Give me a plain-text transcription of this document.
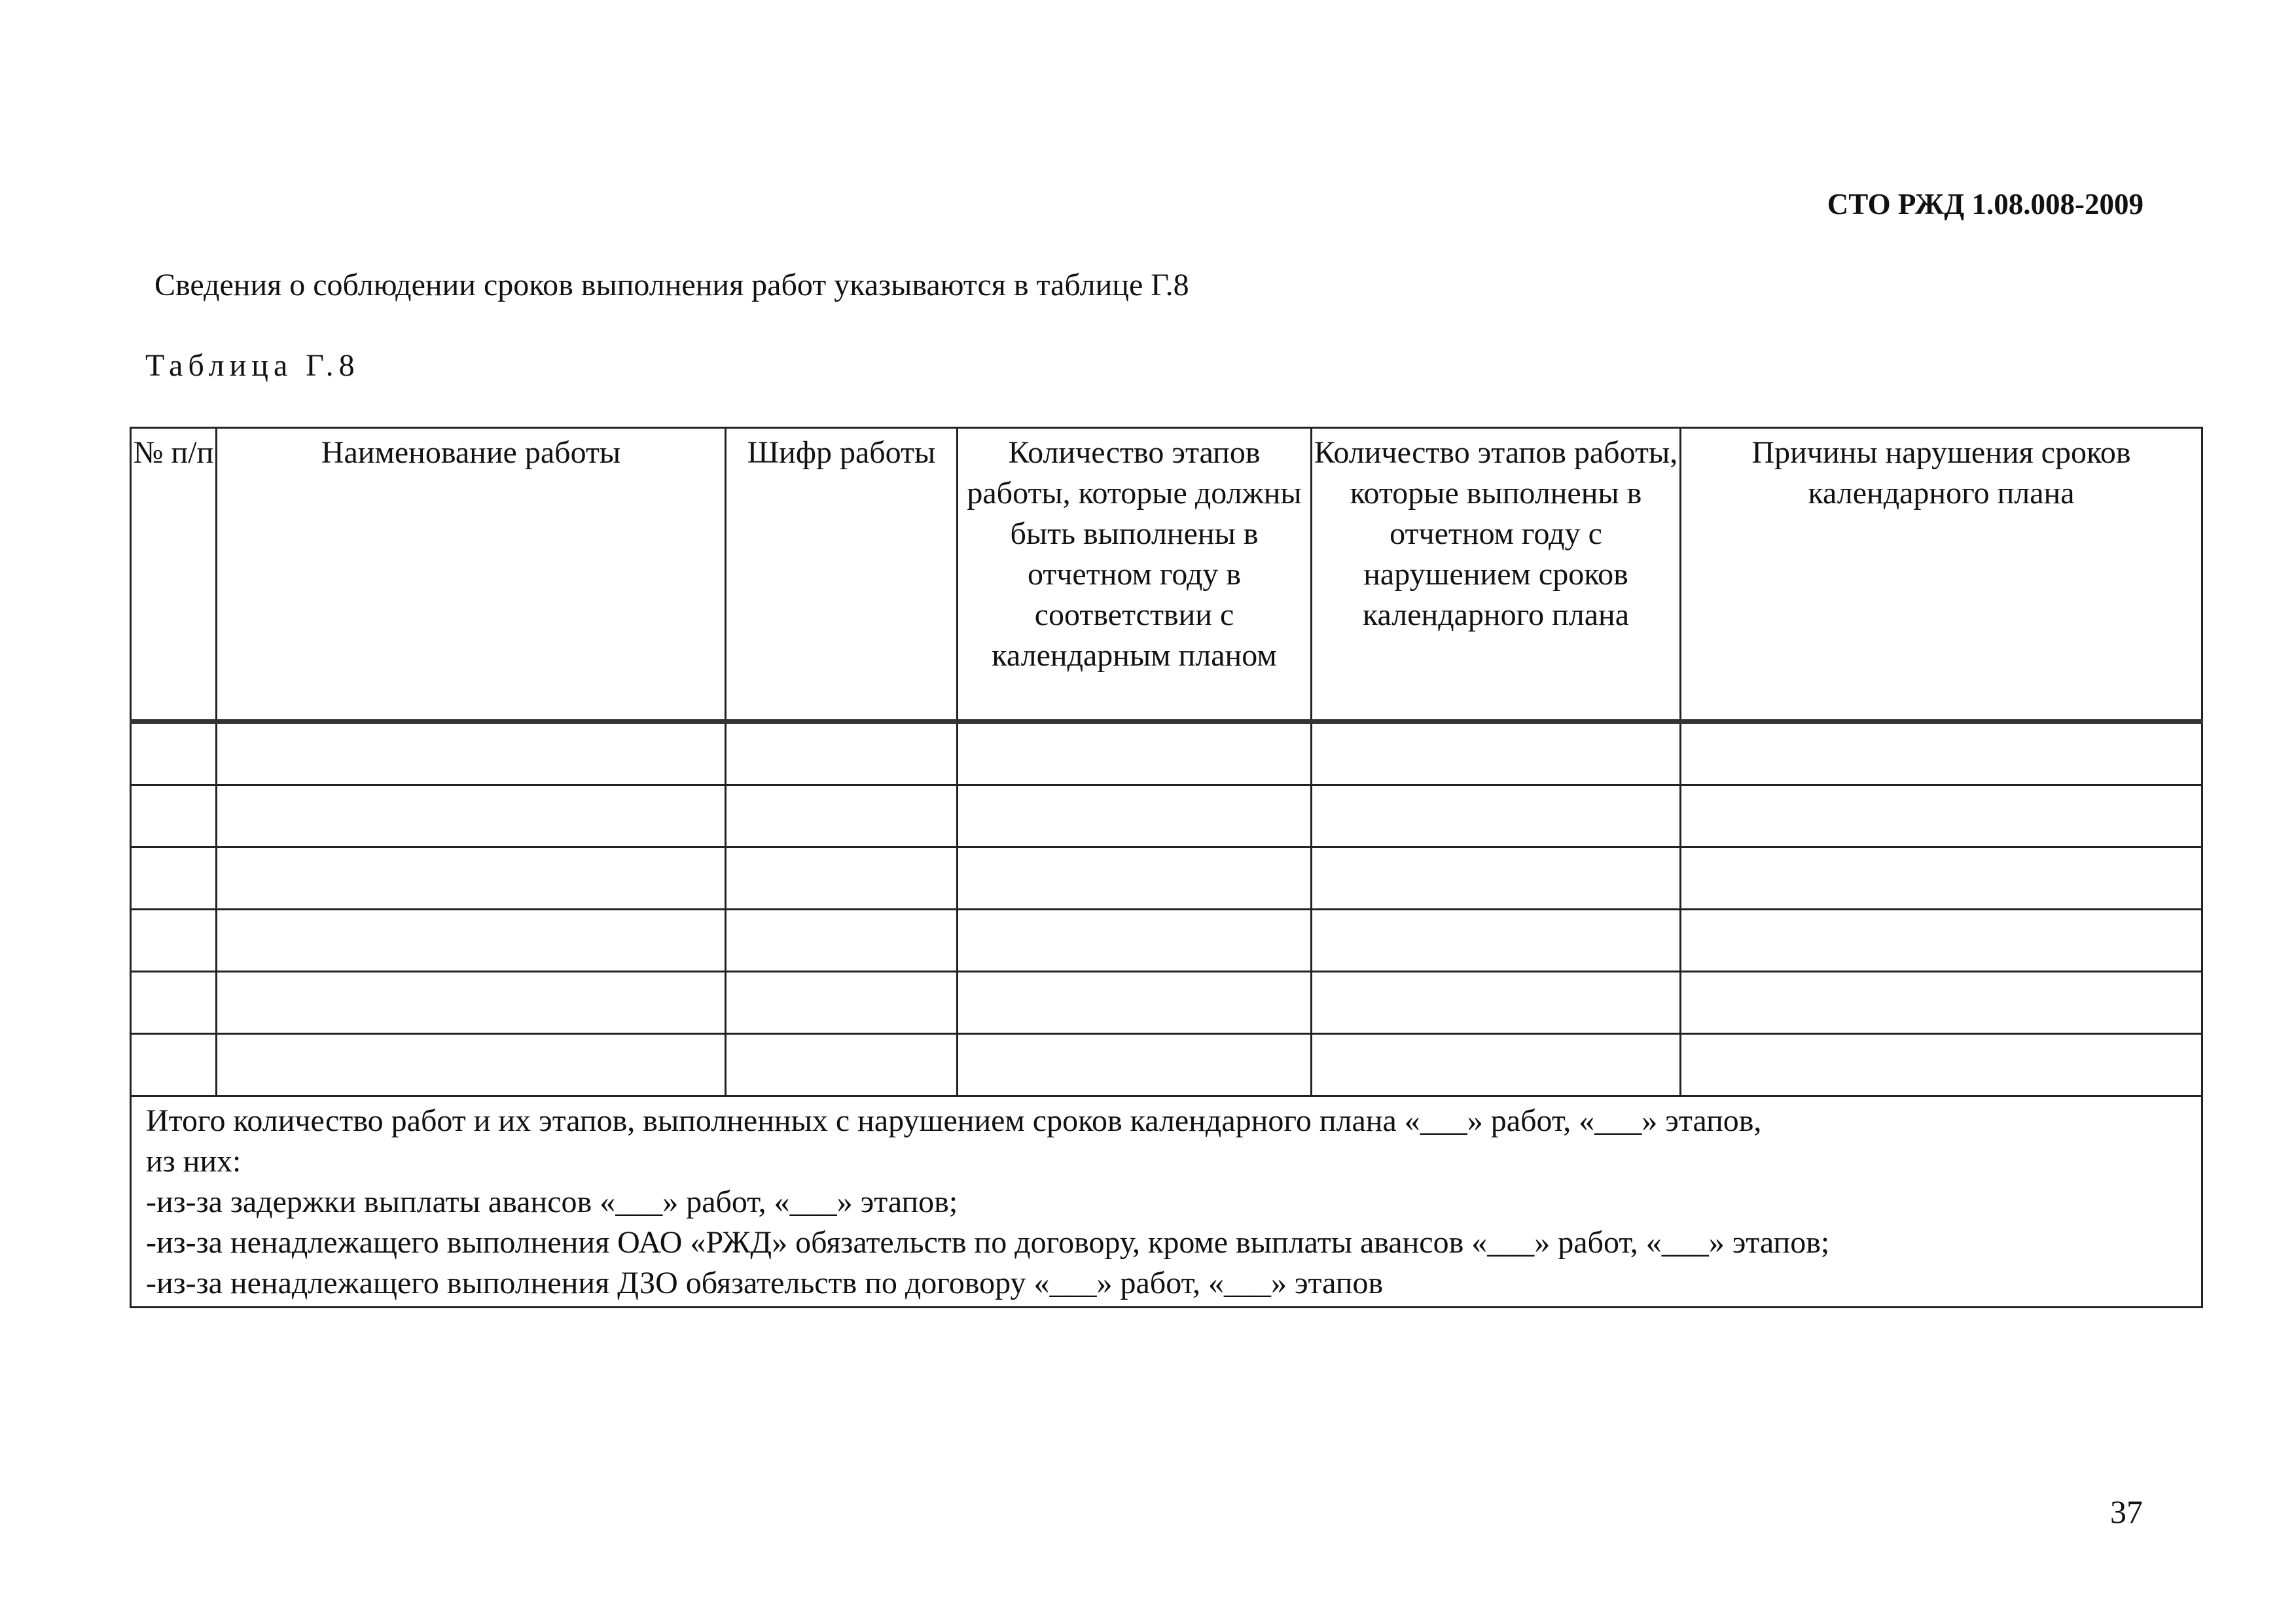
СТО РЖД 1.08.008-2009
Сведения о соблюдении сроков выполнения работ указываются в таблице Г.8
Таблица Г.8
№ п/п	Наименование работы	Шифр работы	Количество этапов работы, которые должны быть выполнены в отчетном году в соответствии с календарным планом	Количество этапов работы, которые выполнены в отчетном году с нарушением сроков календарного плана	Причины нарушения сроков календарного плана

Итого количество работ и их этапов, выполненных с нарушением сроков календарного плана «___» работ, «___» этапов,
из них:
-из-за задержки выплаты авансов «___» работ, «___» этапов;
-из-за ненадлежащего выполнения ОАО «РЖД» обязательств по договору, кроме выплаты авансов «___» работ, «___» этапов;
-из-за ненадлежащего выполнения ДЗО обязательств по договору «___» работ, «___» этапов					
37
